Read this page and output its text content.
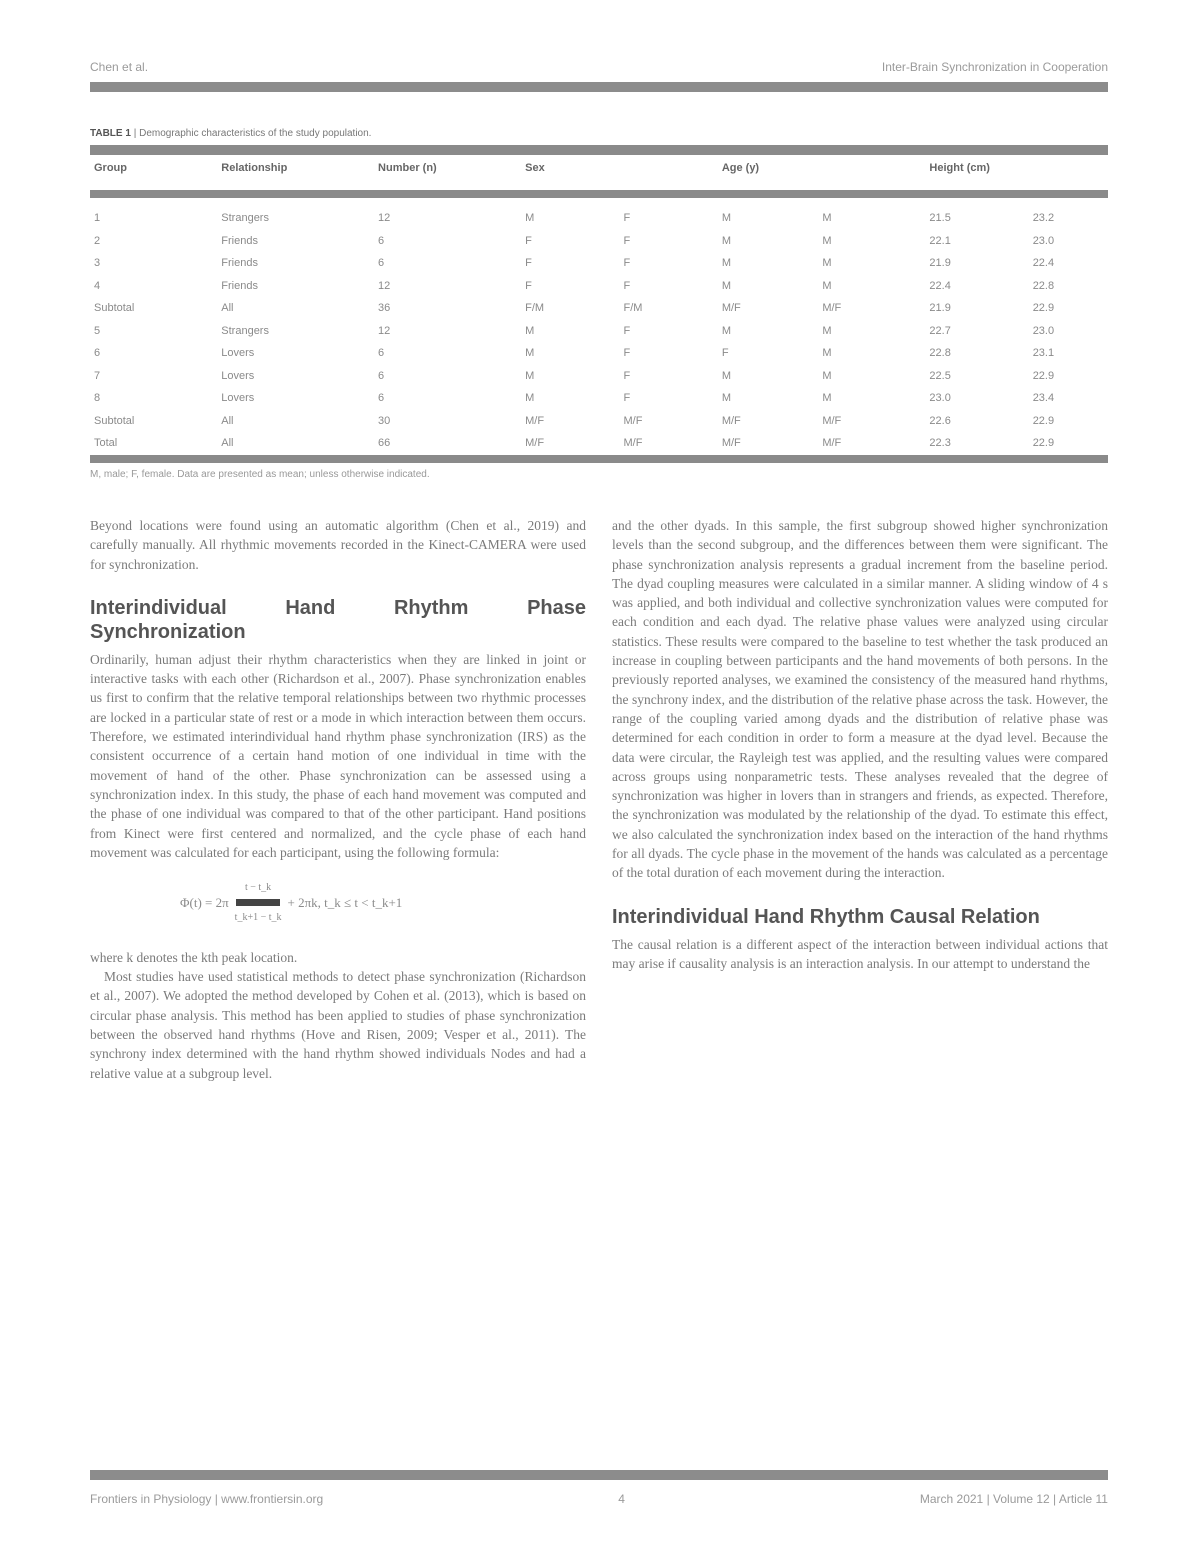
Chen et al.	Inter-Brain Synchronization in Cooperation
TABLE 1 | Demographic characteristics of the study population.
Group	Relationship	Number (n)	Sex		Age (y)		Height (cm)	

1	Strangers	12	M	F	M	M	21.5	23.2
2	Friends	6	F	F	M	M	22.1	23.0
3	Friends	6	F	F	M	M	21.9	22.4
4	Friends	12	F	F	M	M	22.4	22.8
Subtotal	All	36	F/M	F/M	M/F	M/F	21.9	22.9
5	Strangers	12	M	F	M	M	22.7	23.0
6	Lovers	6	M	F	F	M	22.8	23.1
7	Lovers	6	M	F	M	M	22.5	22.9
8	Lovers	6	M	F	M	M	23.0	23.4
Subtotal	All	30	M/F	M/F	M/F	M/F	22.6	22.9
Total	All	66	M/F	M/F	M/F	M/F	22.3	22.9
M, male; F, female. Data are presented as mean; unless otherwise indicated.

Beyond locations were found using an automatic algorithm (Chen et al., 2019) and carefully manually. All rhythmic movements recorded in the Kinect-CAMERA were used for synchronization.

Interindividual Hand Rhythm Phase Synchronization

Ordinarily, human adjust their rhythm characteristics when they are linked in joint or interactive tasks with each other (Richardson et al., 2007). Phase synchronization enables us first to confirm that the relative temporal relationships between two rhythmic processes are locked in a particular state of rest or a mode in which interaction between them occurs. Therefore, we estimated interindividual hand rhythm phase synchronization (IRS) as the consistent occurrence of a certain hand motion of one individual in time with the movement of hand of the other. Phase synchronization can be assessed using a synchronization index. In this study, the phase of each hand movement was computed and the phase of one individual was compared to that of the other participant. Hand positions from Kinect were first centered and normalized, and the cycle phase of each hand movement was calculated for each participant, using the following formula:

Φ(t) = 2π
t − t_k
t_k+1 − t_k
+ 2πk, t_k ≤ t < t_k+1

where k denotes the kth peak location.

Most studies have used statistical methods to detect phase synchronization (Richardson et al., 2007). We adopted the method developed by Cohen et al. (2013), which is based on circular phase analysis. This method has been applied to studies of phase synchronization between the observed hand rhythms (Hove and Risen, 2009; Vesper et al., 2011). The synchrony index determined with the hand rhythm showed individuals Nodes and had a relative value at a subgroup level.

and the other dyads. In this sample, the first subgroup showed higher synchronization levels than the second subgroup, and the differences between them were significant. The phase synchronization analysis represents a gradual increment from the baseline period. The dyad coupling measures were calculated in a similar manner. A sliding window of 4 s was applied, and both individual and collective synchronization values were computed for each condition and each dyad. The relative phase values were analyzed using circular statistics. These results were compared to the baseline to test whether the task produced an increase in coupling between participants and the hand movements of both persons. In the previously reported analyses, we examined the consistency of the measured hand rhythms, the synchrony index, and the distribution of the relative phase across the task. However, the range of the coupling varied among dyads and the distribution of relative phase was determined for each condition in order to form a measure at the dyad level. Because the data were circular, the Rayleigh test was applied, and the resulting values were compared across groups using nonparametric tests. These analyses revealed that the degree of synchronization was higher in lovers than in strangers and friends, as expected. Therefore, the synchronization was modulated by the relationship of the dyad. To estimate this effect, we also calculated the synchronization index based on the interaction of the hand rhythms for all dyads. The cycle phase in the movement of the hands was calculated as a percentage of the total duration of each movement during the interaction.

Interindividual Hand Rhythm Causal Relation

The causal relation is a different aspect of the interaction between individual actions that may arise if causality analysis is an interaction analysis. In our attempt to understand the

Frontiers in Physiology | www.frontiersin.org	4	March 2021 | Volume 12 | Article 11
